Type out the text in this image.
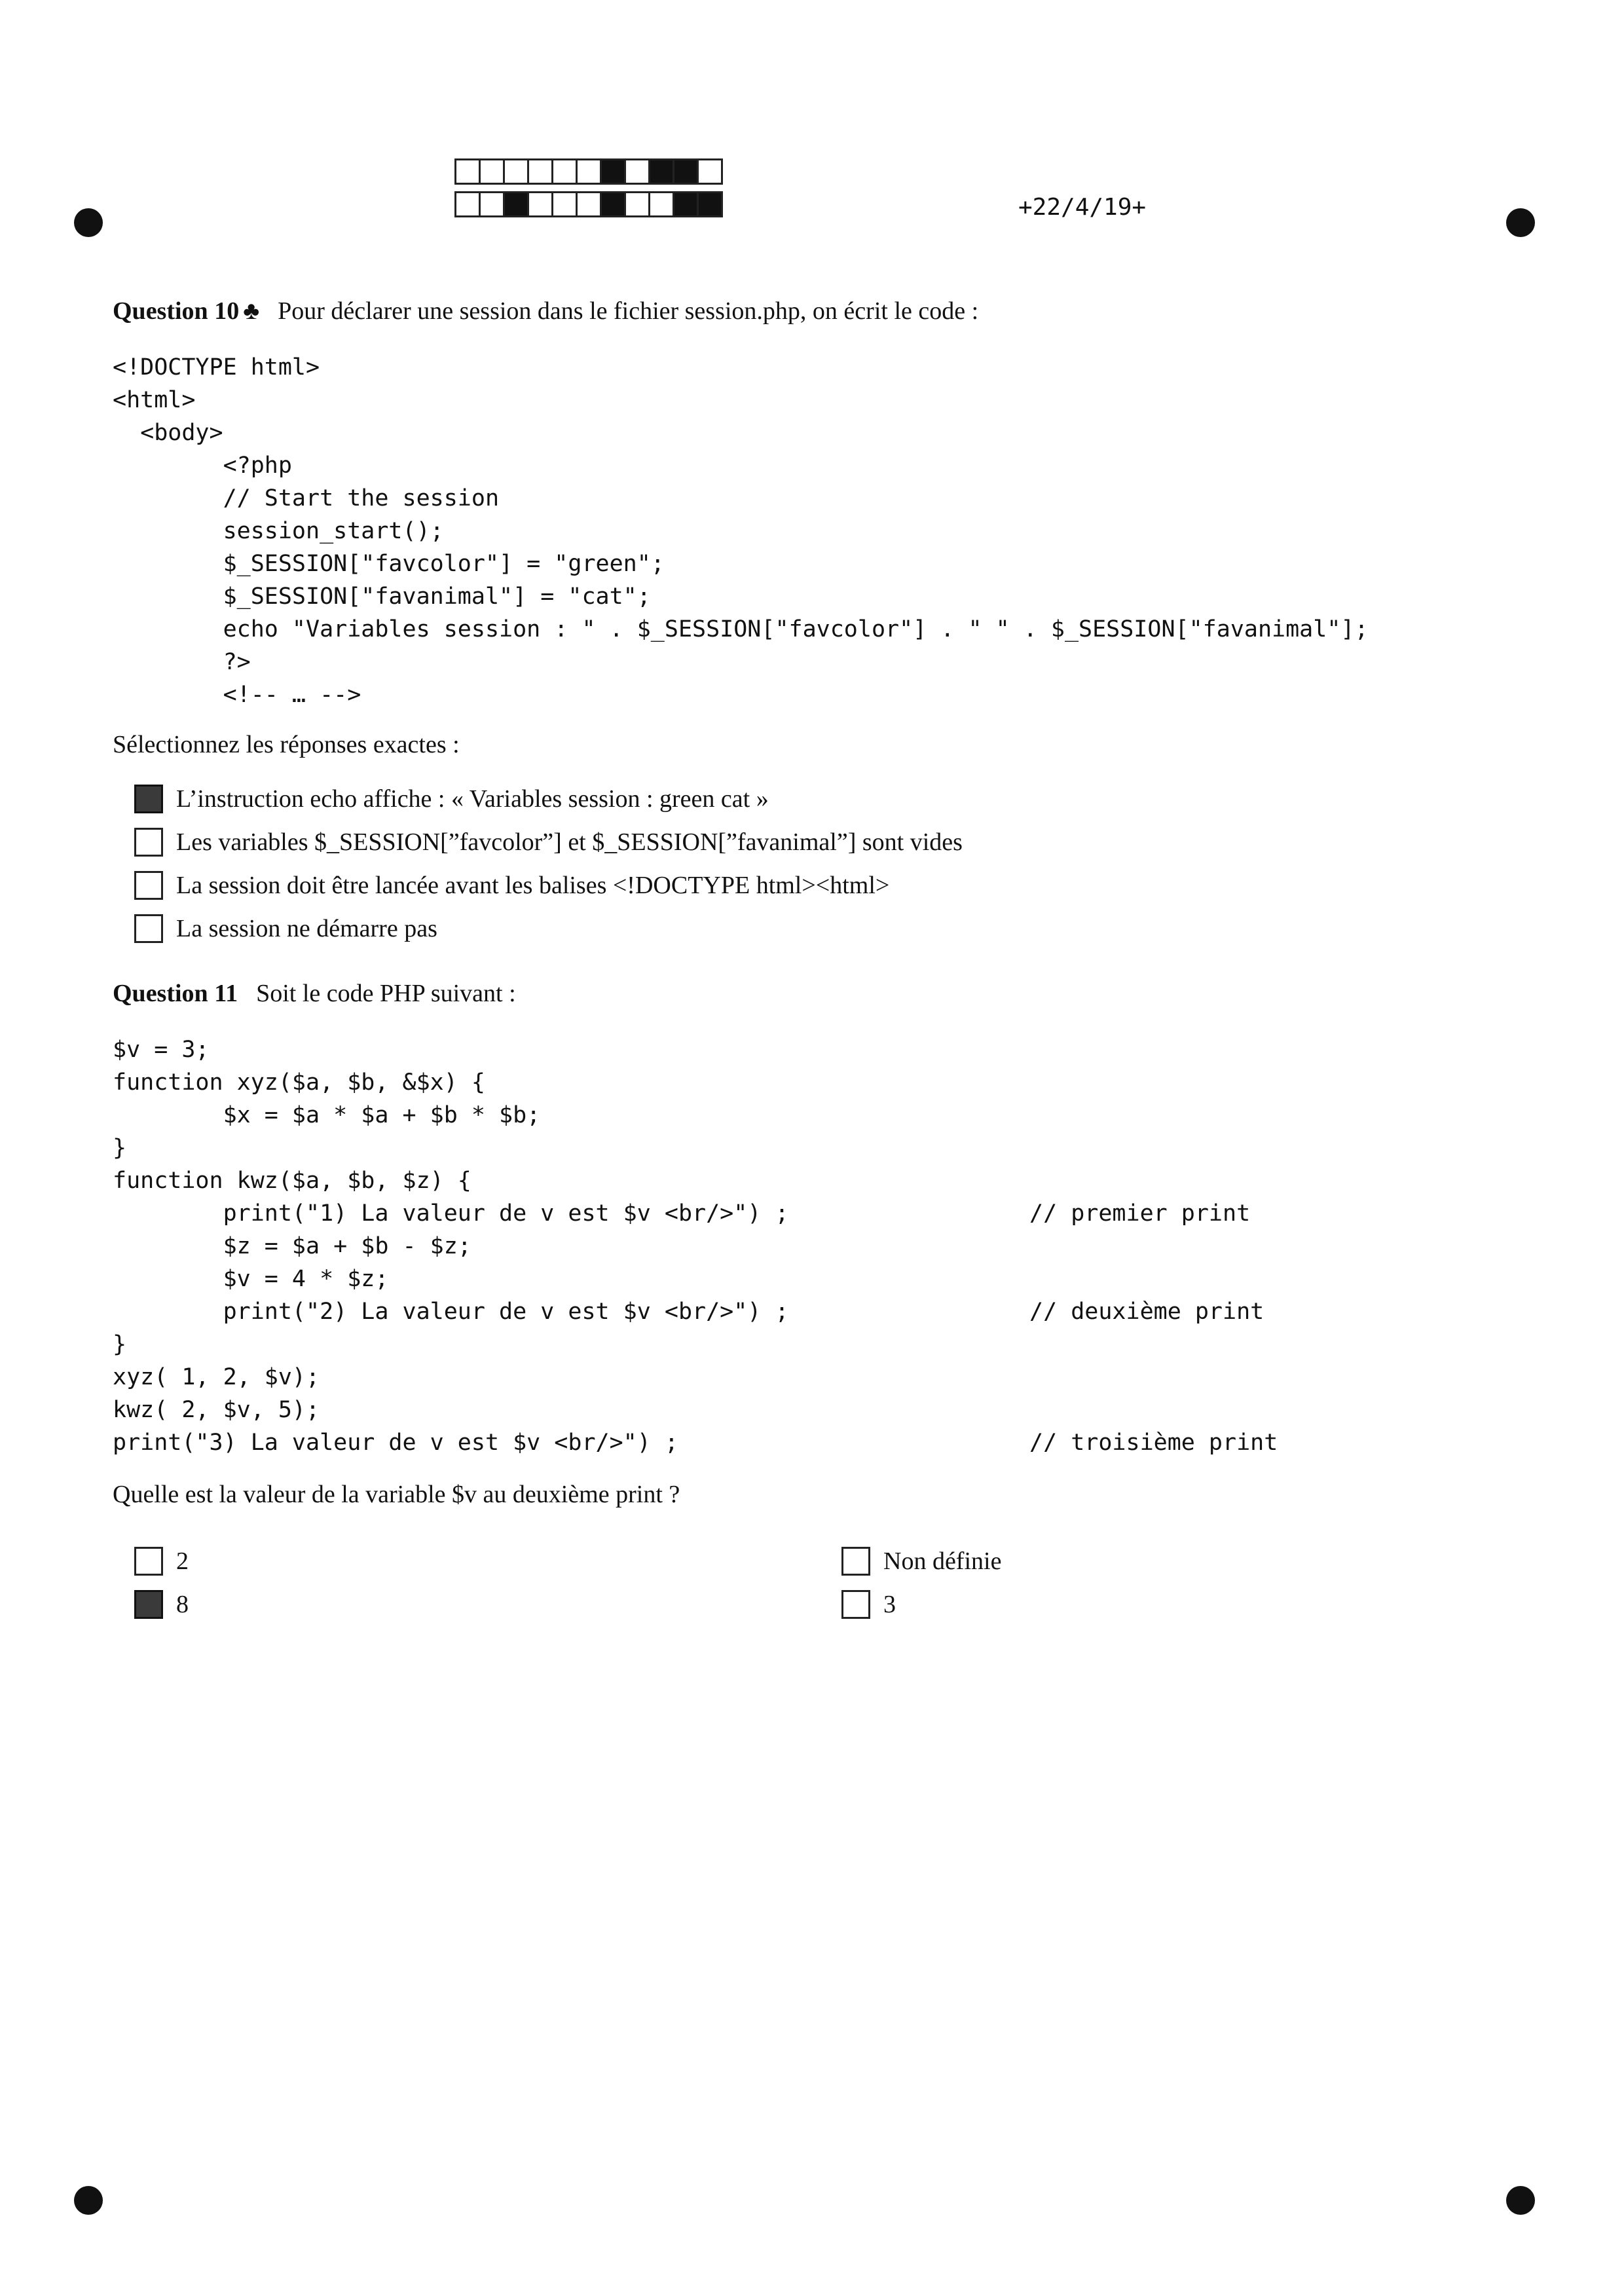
+22/4/19+
Question 10 ♣ Pour déclarer une session dans le fichier session.php, on écrit le code :
<!DOCTYPE html>
<html>
<body>
<?php
// Start the session
session_start();
$_SESSION["favcolor"] = "green";
$_SESSION["favanimal"] = "cat";
echo "Variables session : " . $_SESSION["favcolor"] . " " . $_SESSION["favanimal"];
?>
<!-- … -->
Sélectionnez les réponses exactes :
L’instruction echo affiche : « Variables session : green cat »
Les variables $_SESSION[”favcolor”] et $_SESSION[”favanimal”] sont vides
La session doit être lancée avant les balises <!DOCTYPE html><html>
La session ne démarre pas
Question 11 Soit le code PHP suivant :
$v = 3;
function xyz($a, $b, &$x) {
$x = $a * $a + $b * $b;
}
function kwz($a, $b, $z) {
print("1) La valeur de v est $v <br/>") ;
$z = $a + $b - $z;
$v = 4 * $z;
print("2) La valeur de v est $v <br/>") ;
}
xyz( 1, 2, $v);
kwz( 2, $v, 5);
print("3) La valeur de v est $v <br/>") ;
// premier print
// deuxième print
// troisième print
Quelle est la valeur de la variable $v au deuxième print ?
2	Non définie
8	3
